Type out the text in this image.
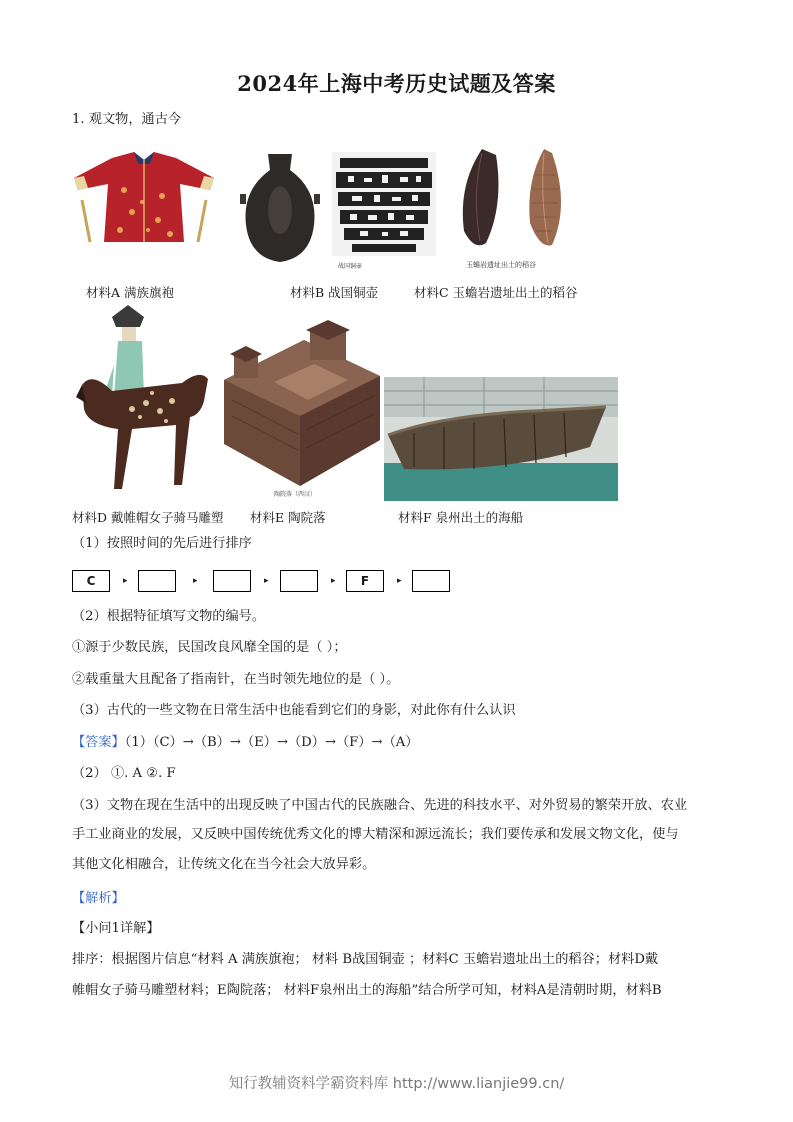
2024年上海中考历史试题及答案
1. 观文物，通古今
战国铜壶	玉蟾岩遗址出土的稻谷
材料A 满族旗袍	材料B 战国铜壶	材料C 玉蟾岩遗址出土的稻谷
陶院落（西汉）
材料D 戴帷帽女子骑马雕塑 材料E 陶院落	材料F 泉州出土的海船
（1）按照时间的先后进行排序
C	▸	▸	▸	▸	F	▸
（2）根据特征填写文物的编号。
①源于少数民族，民国改良风靡全国的是（ ）；
②载重量大且配备了指南针，在当时领先地位的是（ ）。
（3）古代的一些文物在日常生活中也能看到它们的身影，对此你有什么认识
【答案】（1）（C）→（B）→（E）→（D）→（F）→（A）
（2） ①. A ②. F
（3）文物在现在生活中的出现反映了中国古代的民族融合、先进的科技水平、对外贸易的繁荣开放、农业
手工业商业的发展，又反映中国传统优秀文化的博大精深和源远流长；我们要传承和发展文物文化，使与
其他文化相融合，让传统文化在当今社会大放异彩。
【解析】
【小问1详解】
排序：根据图片信息“材料 A 满族旗袍； 材料 B战国铜壶 ；材料C 玉蟾岩遗址出土的稻谷；材料D戴
帷帽女子骑马雕塑材料；E陶院落； 材料F泉州出土的海船”结合所学可知，材料A是清朝时期，材料B
知行教辅资料学霸资料库 http://www.lianjie99.cn/
